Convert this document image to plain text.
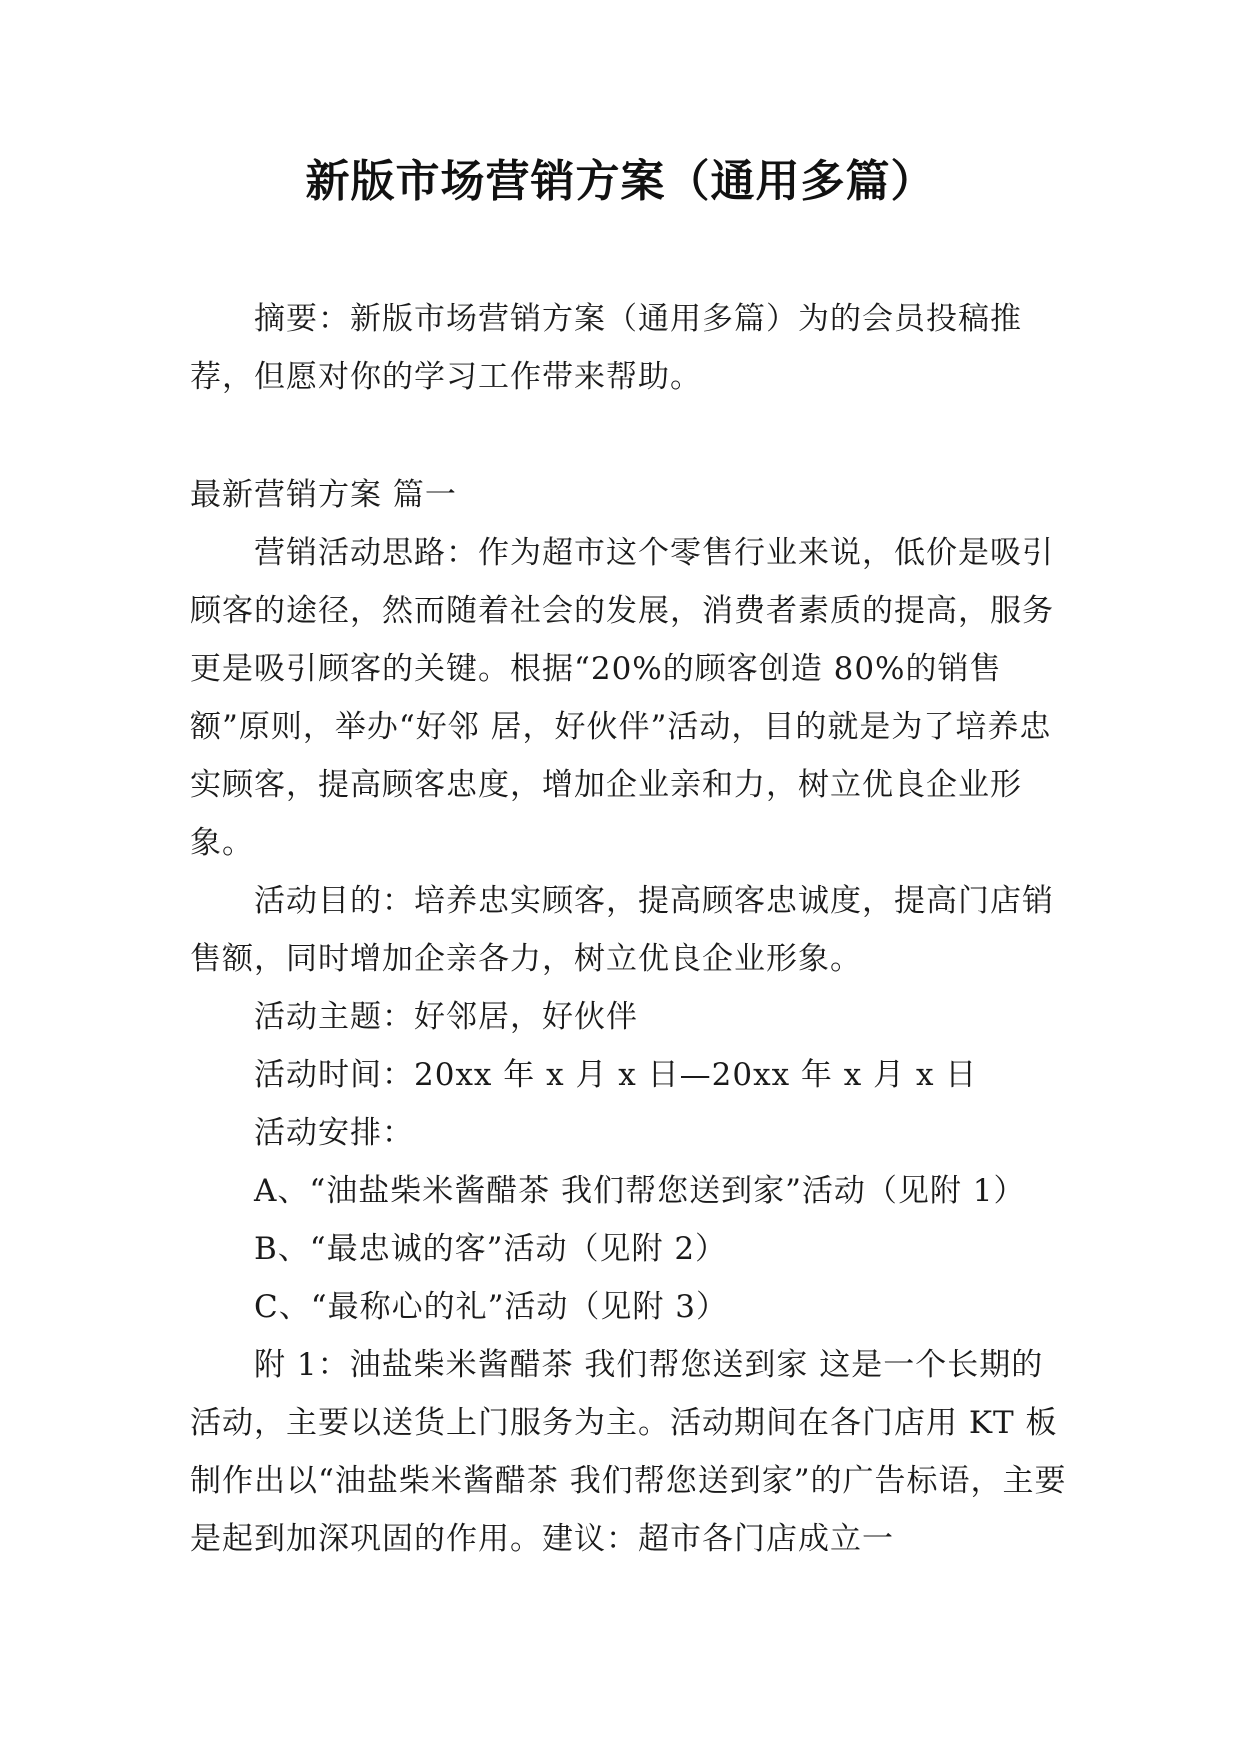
新版市场营销方案（通用多篇）

摘要：新版市场营销方案（通用多篇）为的会员投稿推荐，但愿对你的学习工作带来帮助。

最新营销方案 篇一

营销活动思路：作为超市这个零售行业来说，低价是吸引顾客的途径，然而随着社会的发展，消费者素质的提高，服务更是吸引顾客的关键。根据“20%的顾客创造 80%的销售额”原则，举办“好邻 居，好伙伴”活动，目的就是为了培养忠实顾客，提高顾客忠度，增加企业亲和力，树立优良企业形象。

活动目的：培养忠实顾客，提高顾客忠诚度，提高门店销售额，同时增加企亲各力，树立优良企业形象。

活动主题：好邻居，好伙伴

活动时间：20xx 年 x 月 x 日—20xx 年 x 月 x 日

活动安排：

A、“油盐柴米酱醋茶 我们帮您送到家”活动（见附 1）

B、“最忠诚的客”活动（见附 2）

C、“最称心的礼”活动（见附 3）

附 1：油盐柴米酱醋茶 我们帮您送到家 这是一个长期的活动，主要以送货上门服务为主。活动期间在各门店用 KT 板制作出以“油盐柴米酱醋茶 我们帮您送到家”的广告标语，主要是起到加深巩固的作用。建议：超市各门店成立一
